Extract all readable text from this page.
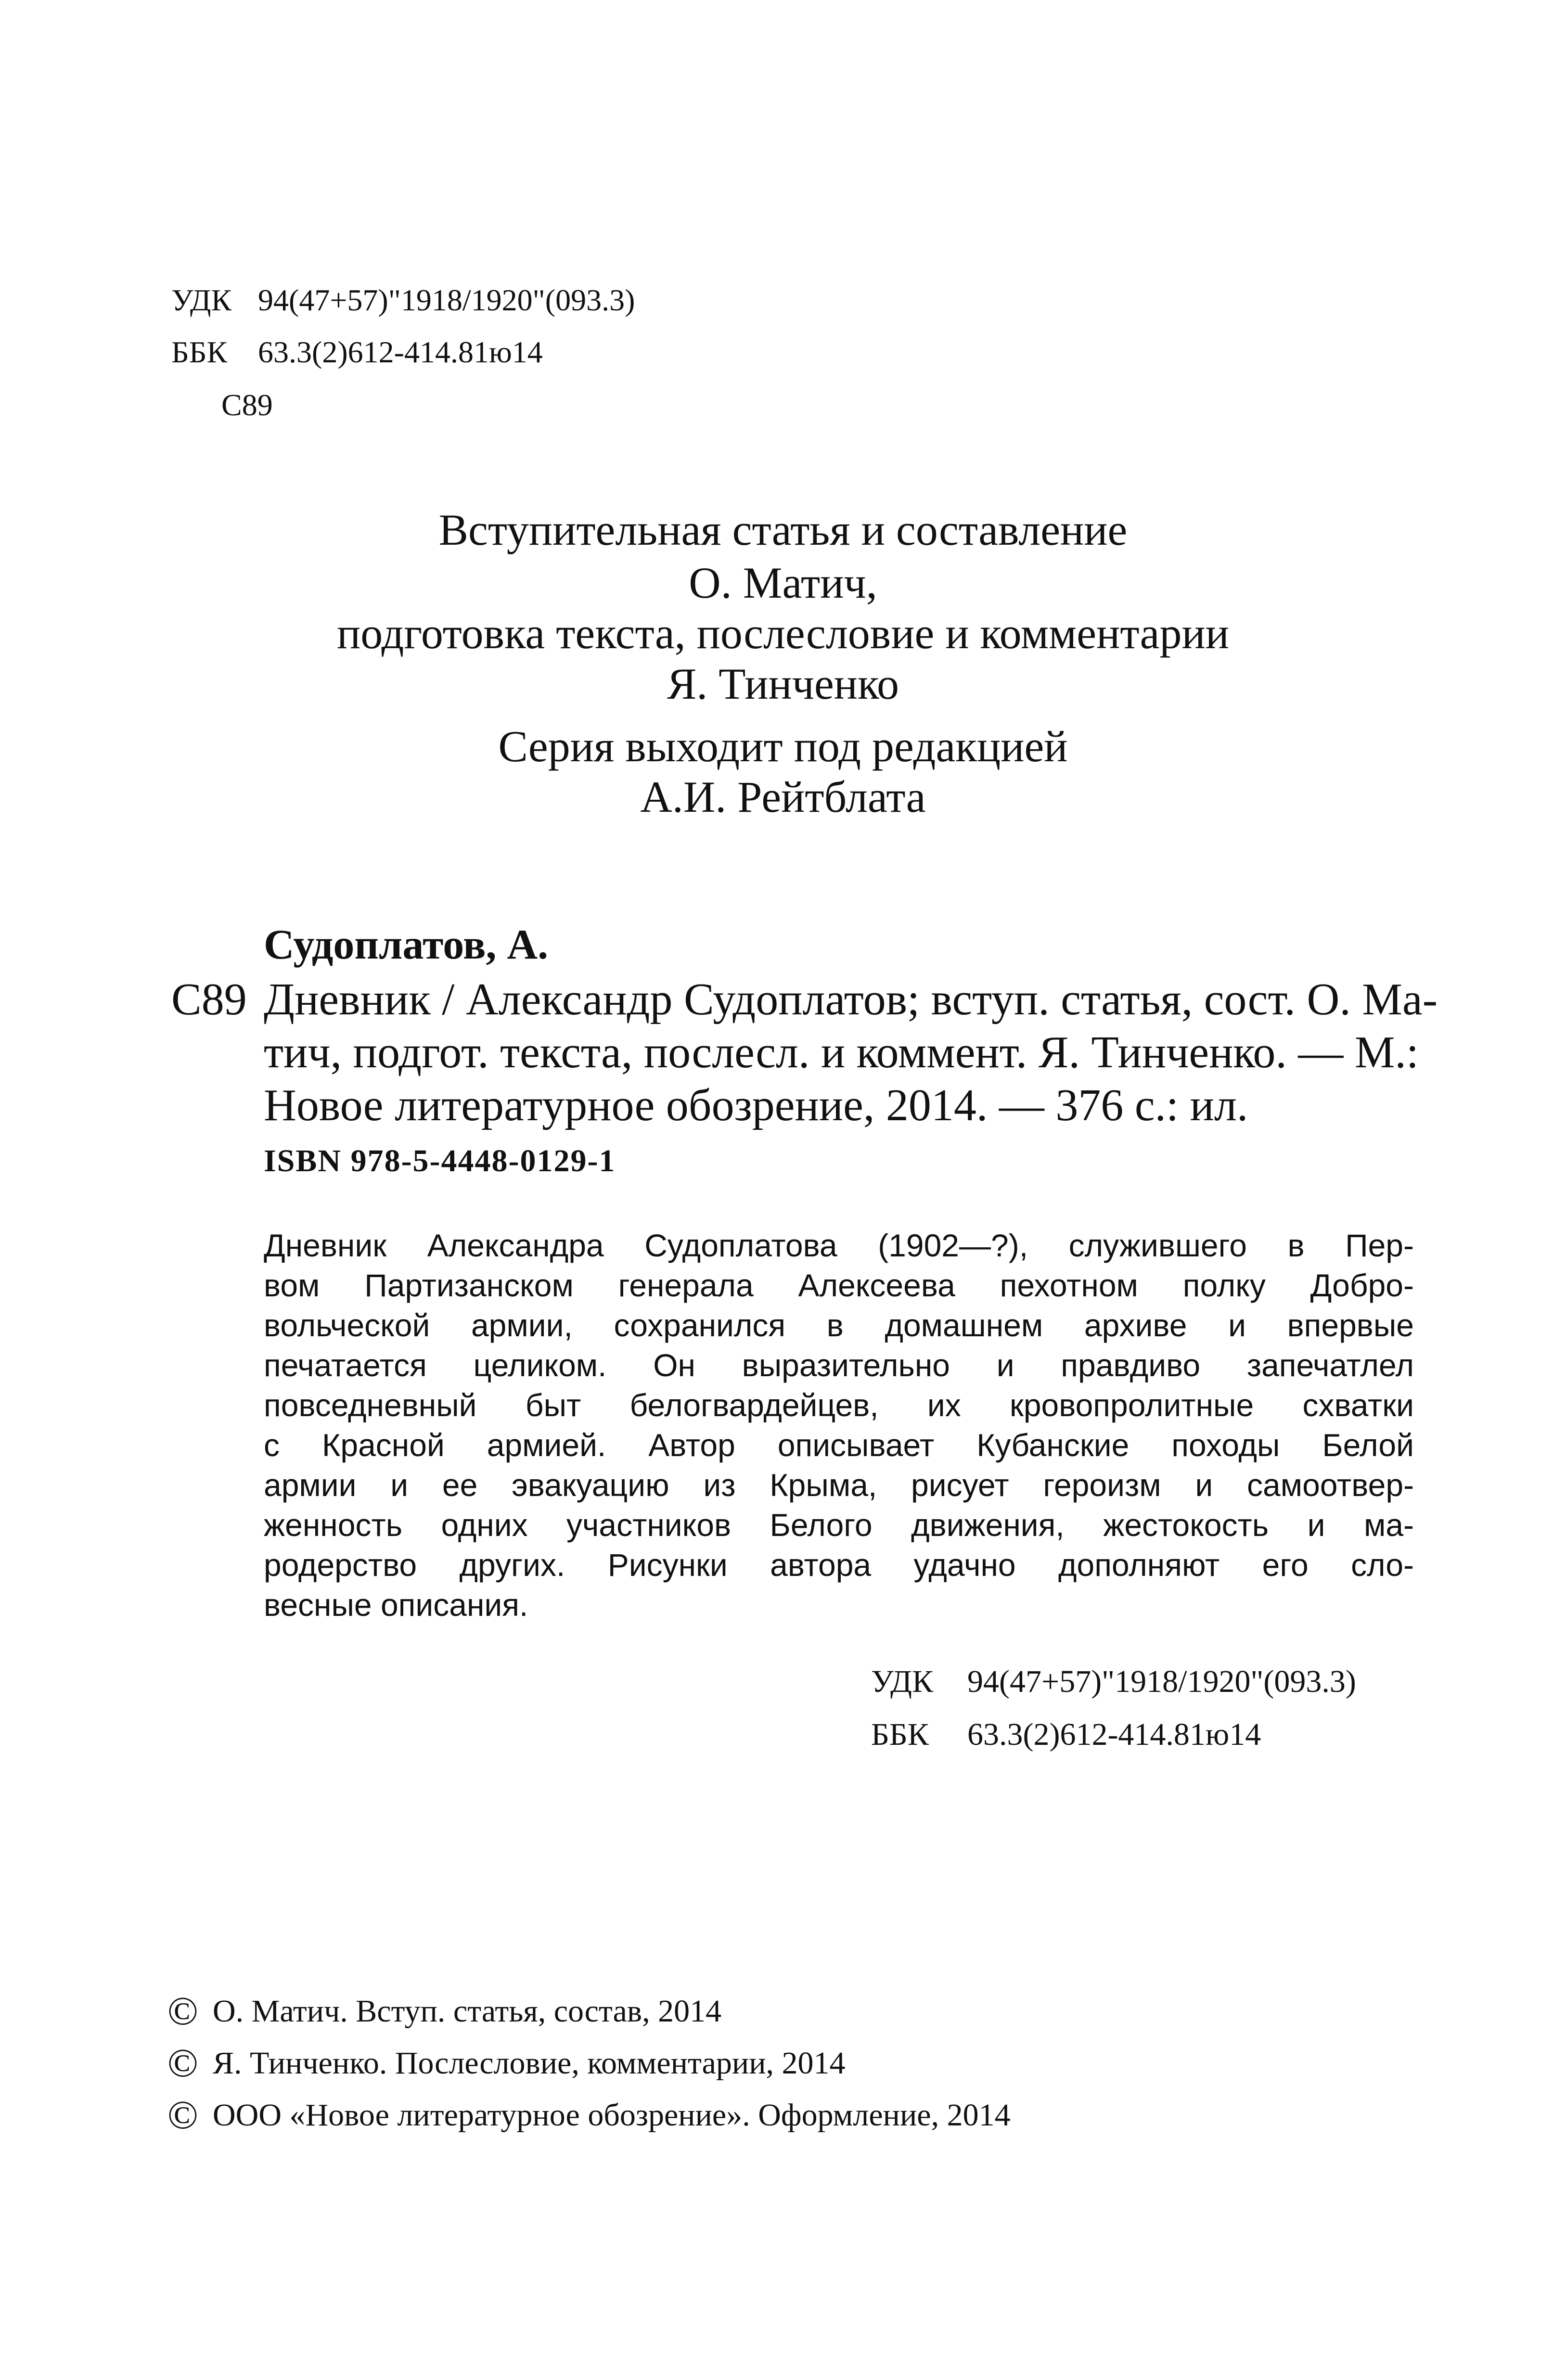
УДК 94(47+57)"1918/1920"(093.3)
ББК 63.3(2)612-414.81ю14
С89
Вступительная статья и составление
О. Матич,
подготовка текста, послесловие и комментарии
Я. Тинченко
Серия выходит под редакцией
А.И. Рейтблата
Судоплатов, А.
С89 Дневник / Александр Судоплатов; вступ. статья, сост. О. Ма-
тич, подгот. текста, послесл. и коммент. Я. Тинченко. — М.:
Новое литературное обозрение, 2014. — 376 с.: ил.
ISBN 978-5-4448-0129-1
Дневник Александра Судоплатова (1902—?), служившего в Пер-
вом Партизанском генерала Алексеева пехотном полку Добро-
вольческой армии, сохранился в домашнем архиве и впервые
печатается целиком. Он выразительно и правдиво запечатлел
повседневный быт белогвардейцев, их кровопролитные схватки
с Красной армией. Автор описывает Кубанские походы Белой
армии и ее эвакуацию из Крыма, рисует героизм и самоотвер-
женность одних участников Белого движения, жестокость и ма-
родерство других. Рисунки автора удачно дополняют его сло-
весные описания.
УДК 94(47+57)"1918/1920"(093.3)
ББК 63.3(2)612-414.81ю14
© О. Матич. Вступ. статья, состав, 2014
© Я. Тинченко. Послесловие, комментарии, 2014
© ООО «Новое литературное обозрение». Оформление, 2014
